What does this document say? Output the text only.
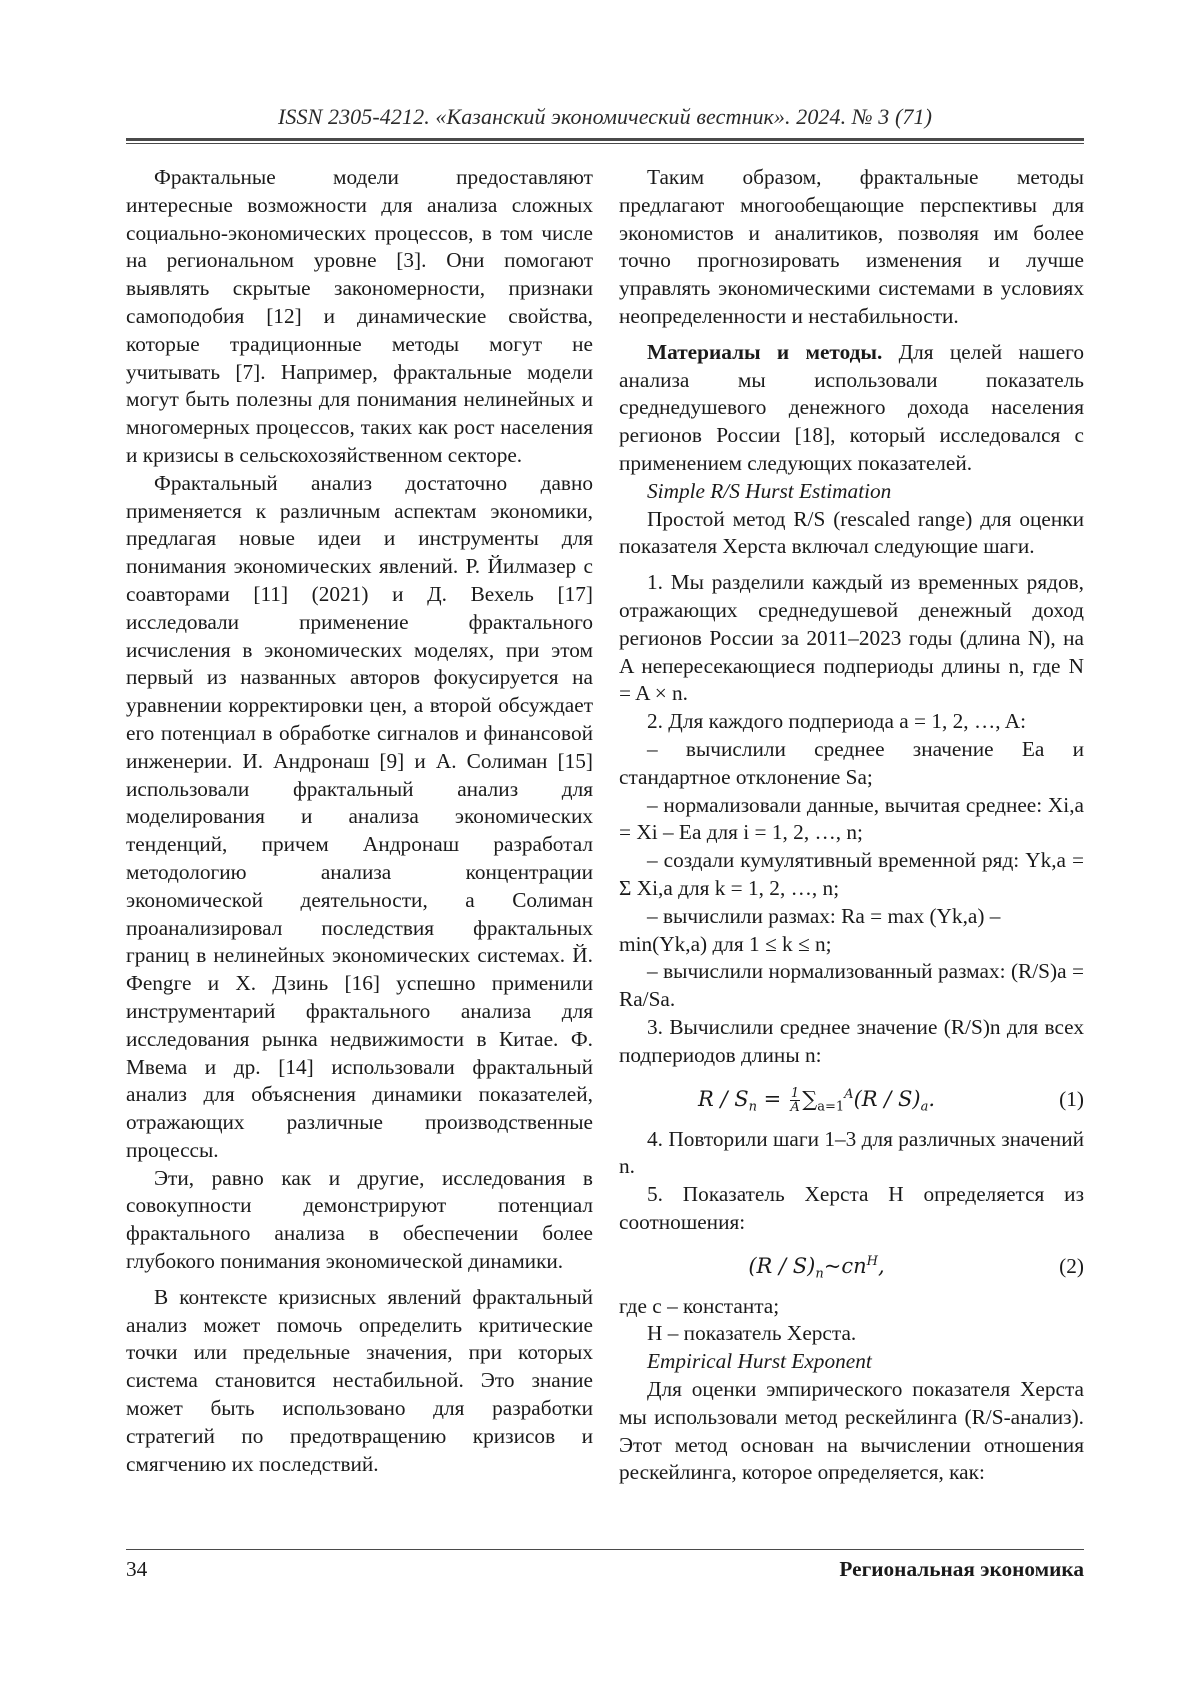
ISSN 2305-4212. «Казанский экономический вестник». 2024. № 3 (71)

Фрактальные модели предоставляют интересные возможности для анализа сложных социально-экономических процессов, в том числе на региональном уровне [3]. Они помогают выявлять скрытые закономерности, признаки самоподобия [12] и динамические свойства, которые традиционные методы могут не учитывать [7]. Например, фрактальные модели могут быть полезны для понимания нелинейных и многомерных процессов, таких как рост населения и кризисы в сельскохозяйственном секторе.

Фрактальный анализ достаточно давно применяется к различным аспектам экономики, предлагая новые идеи и инструменты для понимания экономических явлений. Р. Йилмазер с соавторами [11] (2021) и Д. Вехель [17] исследовали применение фрактального исчисления в экономических моделях, при этом первый из названных авторов фокусируется на уравнении корректировки цен, а второй обсуждает его потенциал в обработке сигналов и финансовой инженерии. И. Андронаш [9] и А. Солиман [15] использовали фрактальный анализ для моделирования и анализа экономических тенденций, причем Андронаш разработал методологию анализа концентрации экономической деятельности, а Солиман проанализировал последствия фрактальных границ в нелинейных экономических системах. Й. Фengге и Х. Дзинь [16] успешно применили инструментарий фрактального анализа для исследования рынка недвижимости в Китае. Ф. Мвема и др. [14] использовали фрактальный анализ для объяснения динамики показателей, отражающих различные производственные процессы.

Эти, равно как и другие, исследования в совокупности демонстрируют потенциал фрактального анализа в обеспечении более глубокого понимания экономической динамики.

В контексте кризисных явлений фрактальный анализ может помочь определить критические точки или предельные значения, при которых система становится нестабильной. Это знание может быть использовано для разработки стратегий по предотвращению кризисов и смягчению их последствий.

Таким образом, фрактальные методы предлагают многообещающие перспективы для экономистов и аналитиков, позволяя им более точно прогнозировать изменения и лучше управлять экономическими системами в условиях неопределенности и нестабильности.

Материалы и методы. Для целей нашего анализа мы использовали показатель среднедушевого денежного дохода населения регионов России [18], который исследовался с применением следующих показателей.

Simple R/S Hurst Estimation

Простой метод R/S (rescaled range) для оценки показателя Херста включал следующие шаги.

1. Мы разделили каждый из временных рядов, отражающих среднедушевой денежный доход регионов России за 2011–2023 годы (длина N), на A непересекающиеся подпериоды длины n, где N = A × n.

2. Для каждого подпериода a = 1, 2, …, A:

– вычислили среднее значение Ea и стандартное отклонение Sa;

– нормализовали данные, вычитая среднее: Xi,a = Xi – Ea для i = 1, 2, …, n;

– создали кумулятивный временной ряд: Yk,a = Σ Xi,a для k = 1, 2, …, n;

– вычислили размах: Ra = max (Yk,a) – min(Yk,a) для 1 ≤ k ≤ n;

– вычислили нормализованный размах: (R/S)a = Ra/Sa.

3. Вычислили среднее значение (R/S)n для всех подпериодов длины n:

$R / S_n = \frac{1}{A} \sum_{a=1}^A(R / S)_a$.	(1)

4. Повторили шаги 1–3 для различных значений n.

5. Показатель Херста H определяется из соотношения:

$(R / S)_n\sim cn^H$,	(2)

где c – константа;

H – показатель Херста.

Empirical Hurst Exponent

Для оценки эмпирического показателя Херста мы использовали метод рескейлинга (R/S-анализ). Этот метод основан на вычислении отношения рескейлинга, которое определяется, как:

34	Региональная экономика
